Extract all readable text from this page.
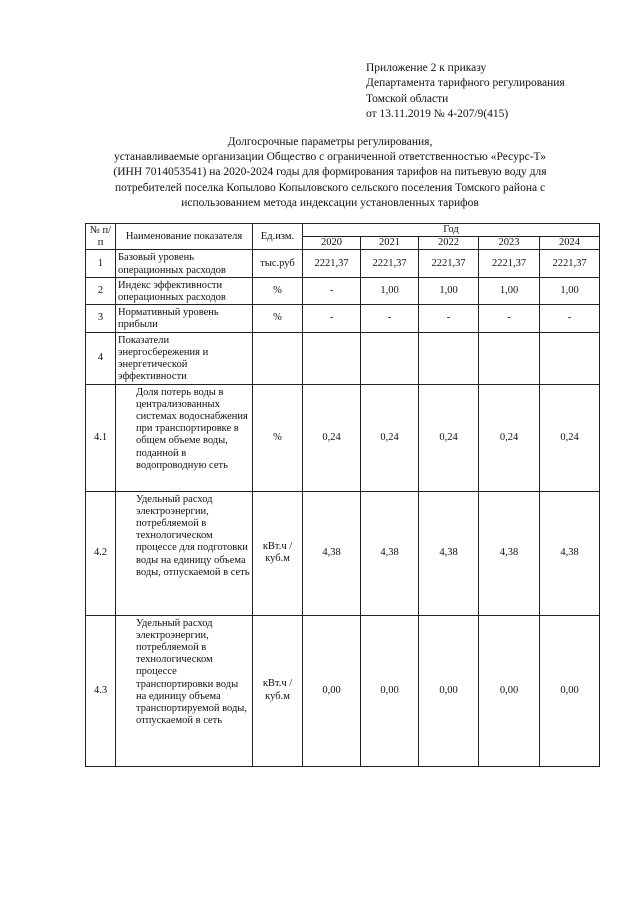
Приложение 2 к приказу
Департамента тарифного регулирования
Томской области
от 13.11.2019 № 4-207/9(415)
Долгосрочные параметры регулирования,
устанавливаемые организации Общество с ограниченной ответственностью «Ресурс-Т»
(ИНН 7014053541) на 2020-2024 годы для формирования тарифов на питьевую воду для
потребителей поселка Копылово Копыловского сельского поселения Томского района с
использованием метода индексации установленных тарифов
№ п/п	Наименование показателя	Ед.изм.	Год				
			2020	2021	2022	2023	2024
1	Базовый уровень операционных расходов	тыс.руб	2221,37	2221,37	2221,37	2221,37	2221,37
2	Индекс эффективности операционных расходов	%	-	1,00	1,00	1,00	1,00
3	Нормативный уровень прибыли	%	-	-	-	-	-
4	Показатели энергосбережения и энергетической эффективности						
4.1	Доля потерь воды в централизованных системах водоснабжения при транспортировке в общем объеме воды, поданной в водопроводную сеть	%	0,24	0,24	0,24	0,24	0,24
4.2	Удельный расход электроэнергии, потребляемой в технологическом процессе для подготовки воды на единицу объема воды, отпускаемой в сеть	кВт.ч / куб.м	4,38	4,38	4,38	4,38	4,38
4.3	Удельный расход электроэнергии, потребляемой в технологическом процессе транспортировки воды на единицу объема транспортируемой воды, отпускаемой в сеть	кВт.ч / куб.м	0,00	0,00	0,00	0,00	0,00
